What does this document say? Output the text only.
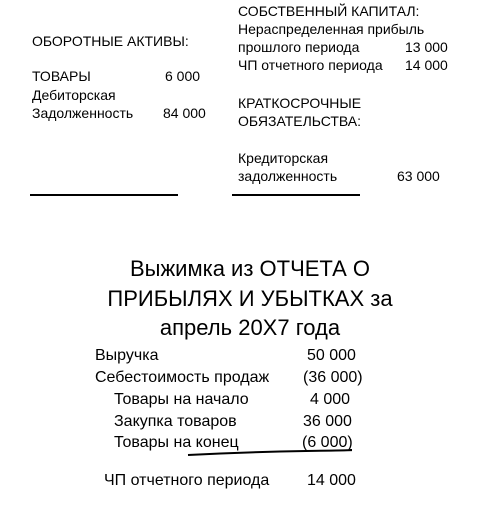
ОБОРОТНЫЕ АКТИВЫ:
ТОВАРЫ	6 000
Дебиторская
Задолженность 84 000
СОБСТВЕННЫЙ КАПИТАЛ:
Нераспределенная прибыль
прошлого периода	13 000
ЧП отчетного периода 14 000
КРАТКОСРОЧНЫЕ
ОБЯЗАТЕЛЬСТВА:
Кредиторская
задолженность	63 000
Выжимка из ОТЧЕТА О
ПРИБЫЛЯХ И УБЫТКАХ за
апрель 20Х7 года
Выручка	50 000
Себестоимость продаж (36 000)
Товары на начало	4 000
Закупка товаров	36 000
Товары на конец	(6 000)
ЧП отчетного периода 14 000
